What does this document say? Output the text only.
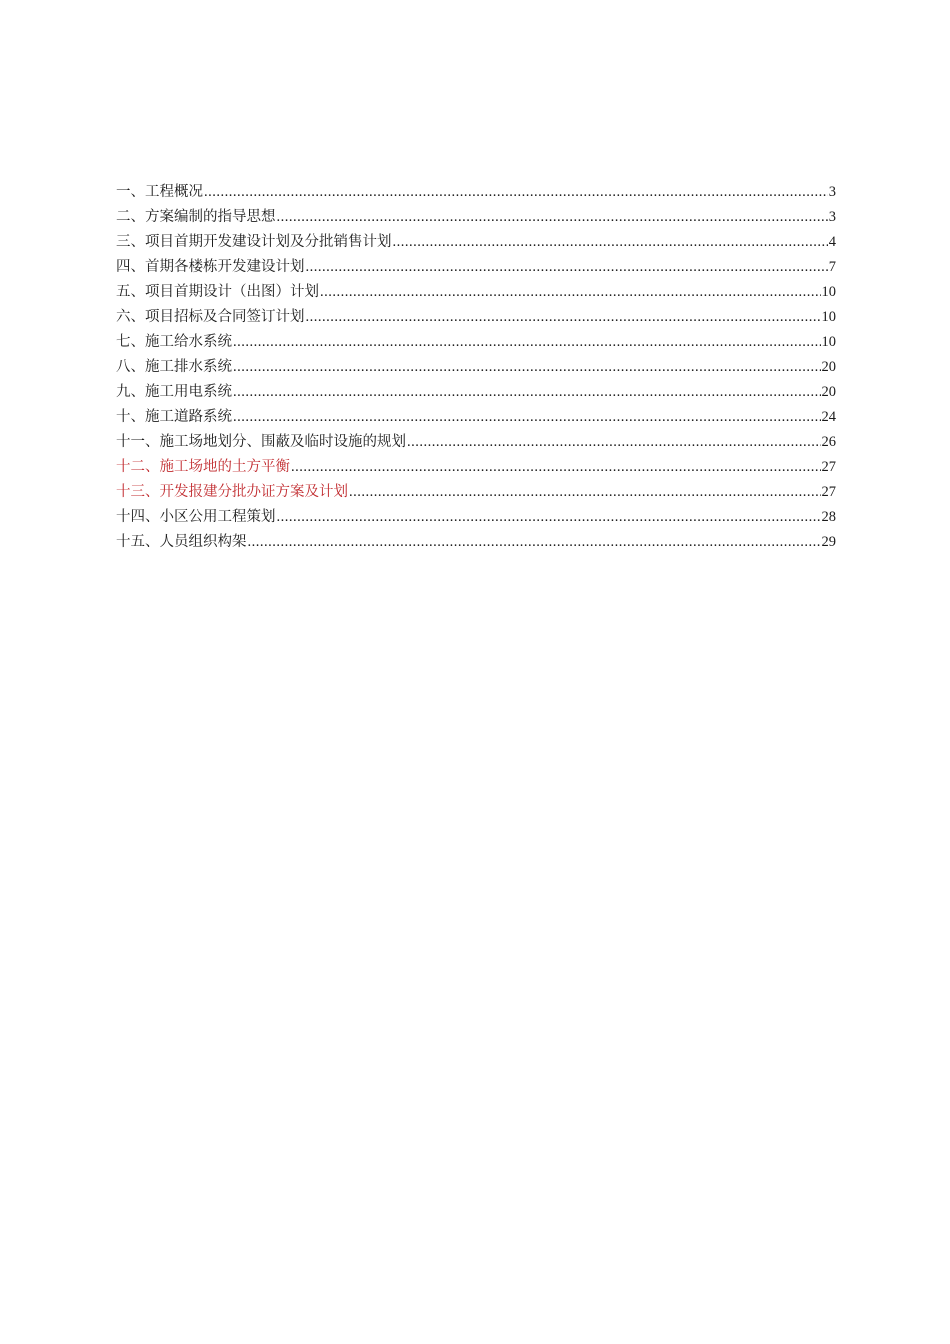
一、工程概况 .....	3
二、方案编制的指导思想 .....	3
三、项目首期开发建设计划及分批销售计划 .....	4
四、首期各楼栋开发建设计划 .....	7
五、项目首期设计（出图）计划 .....	10
六、项目招标及合同签订计划 .....	10
七、施工给水系统 .....	10
八、施工排水系统 .....	20
九、施工用电系统 .....	20
十、施工道路系统 .....	24
十一、施工场地划分、围蔽及临时设施的规划 .....	26
十二、施工场地的土方平衡 .....	27
十三、开发报建分批办证方案及计划 .....	27
十四、小区公用工程策划 .....	28
十五、人员组织构架 .....	29
